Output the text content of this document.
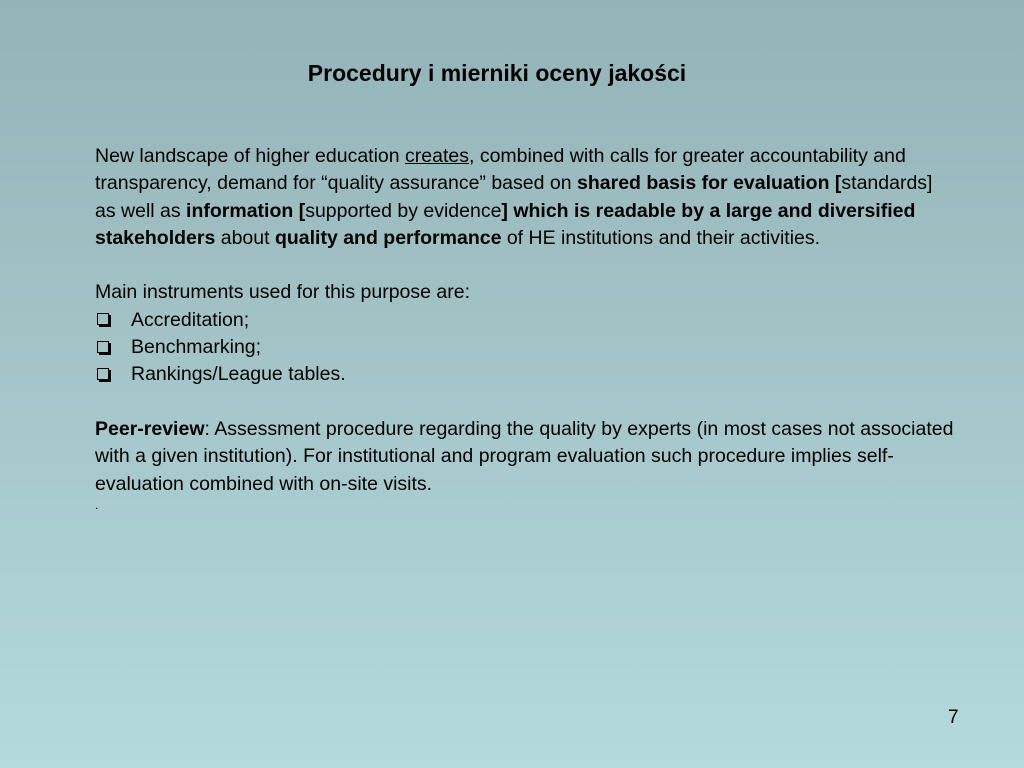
Procedury i mierniki oceny jakości

New landscape of higher education creates, combined with calls for greater accountability and transparency, demand for “quality assurance” based on shared basis for evaluation [standards] as well as information [supported by evidence] which is readable by a large and diversified stakeholders about quality and performance of HE institutions and their activities.

Main instruments used for this purpose are:

Accreditation;
Benchmarking;
Rankings/League tables.

Peer-review: Assessment procedure regarding the quality by experts (in most cases not associated with a given institution). For institutional and program evaluation such procedure implies self-evaluation combined with on-site visits.

.

7
